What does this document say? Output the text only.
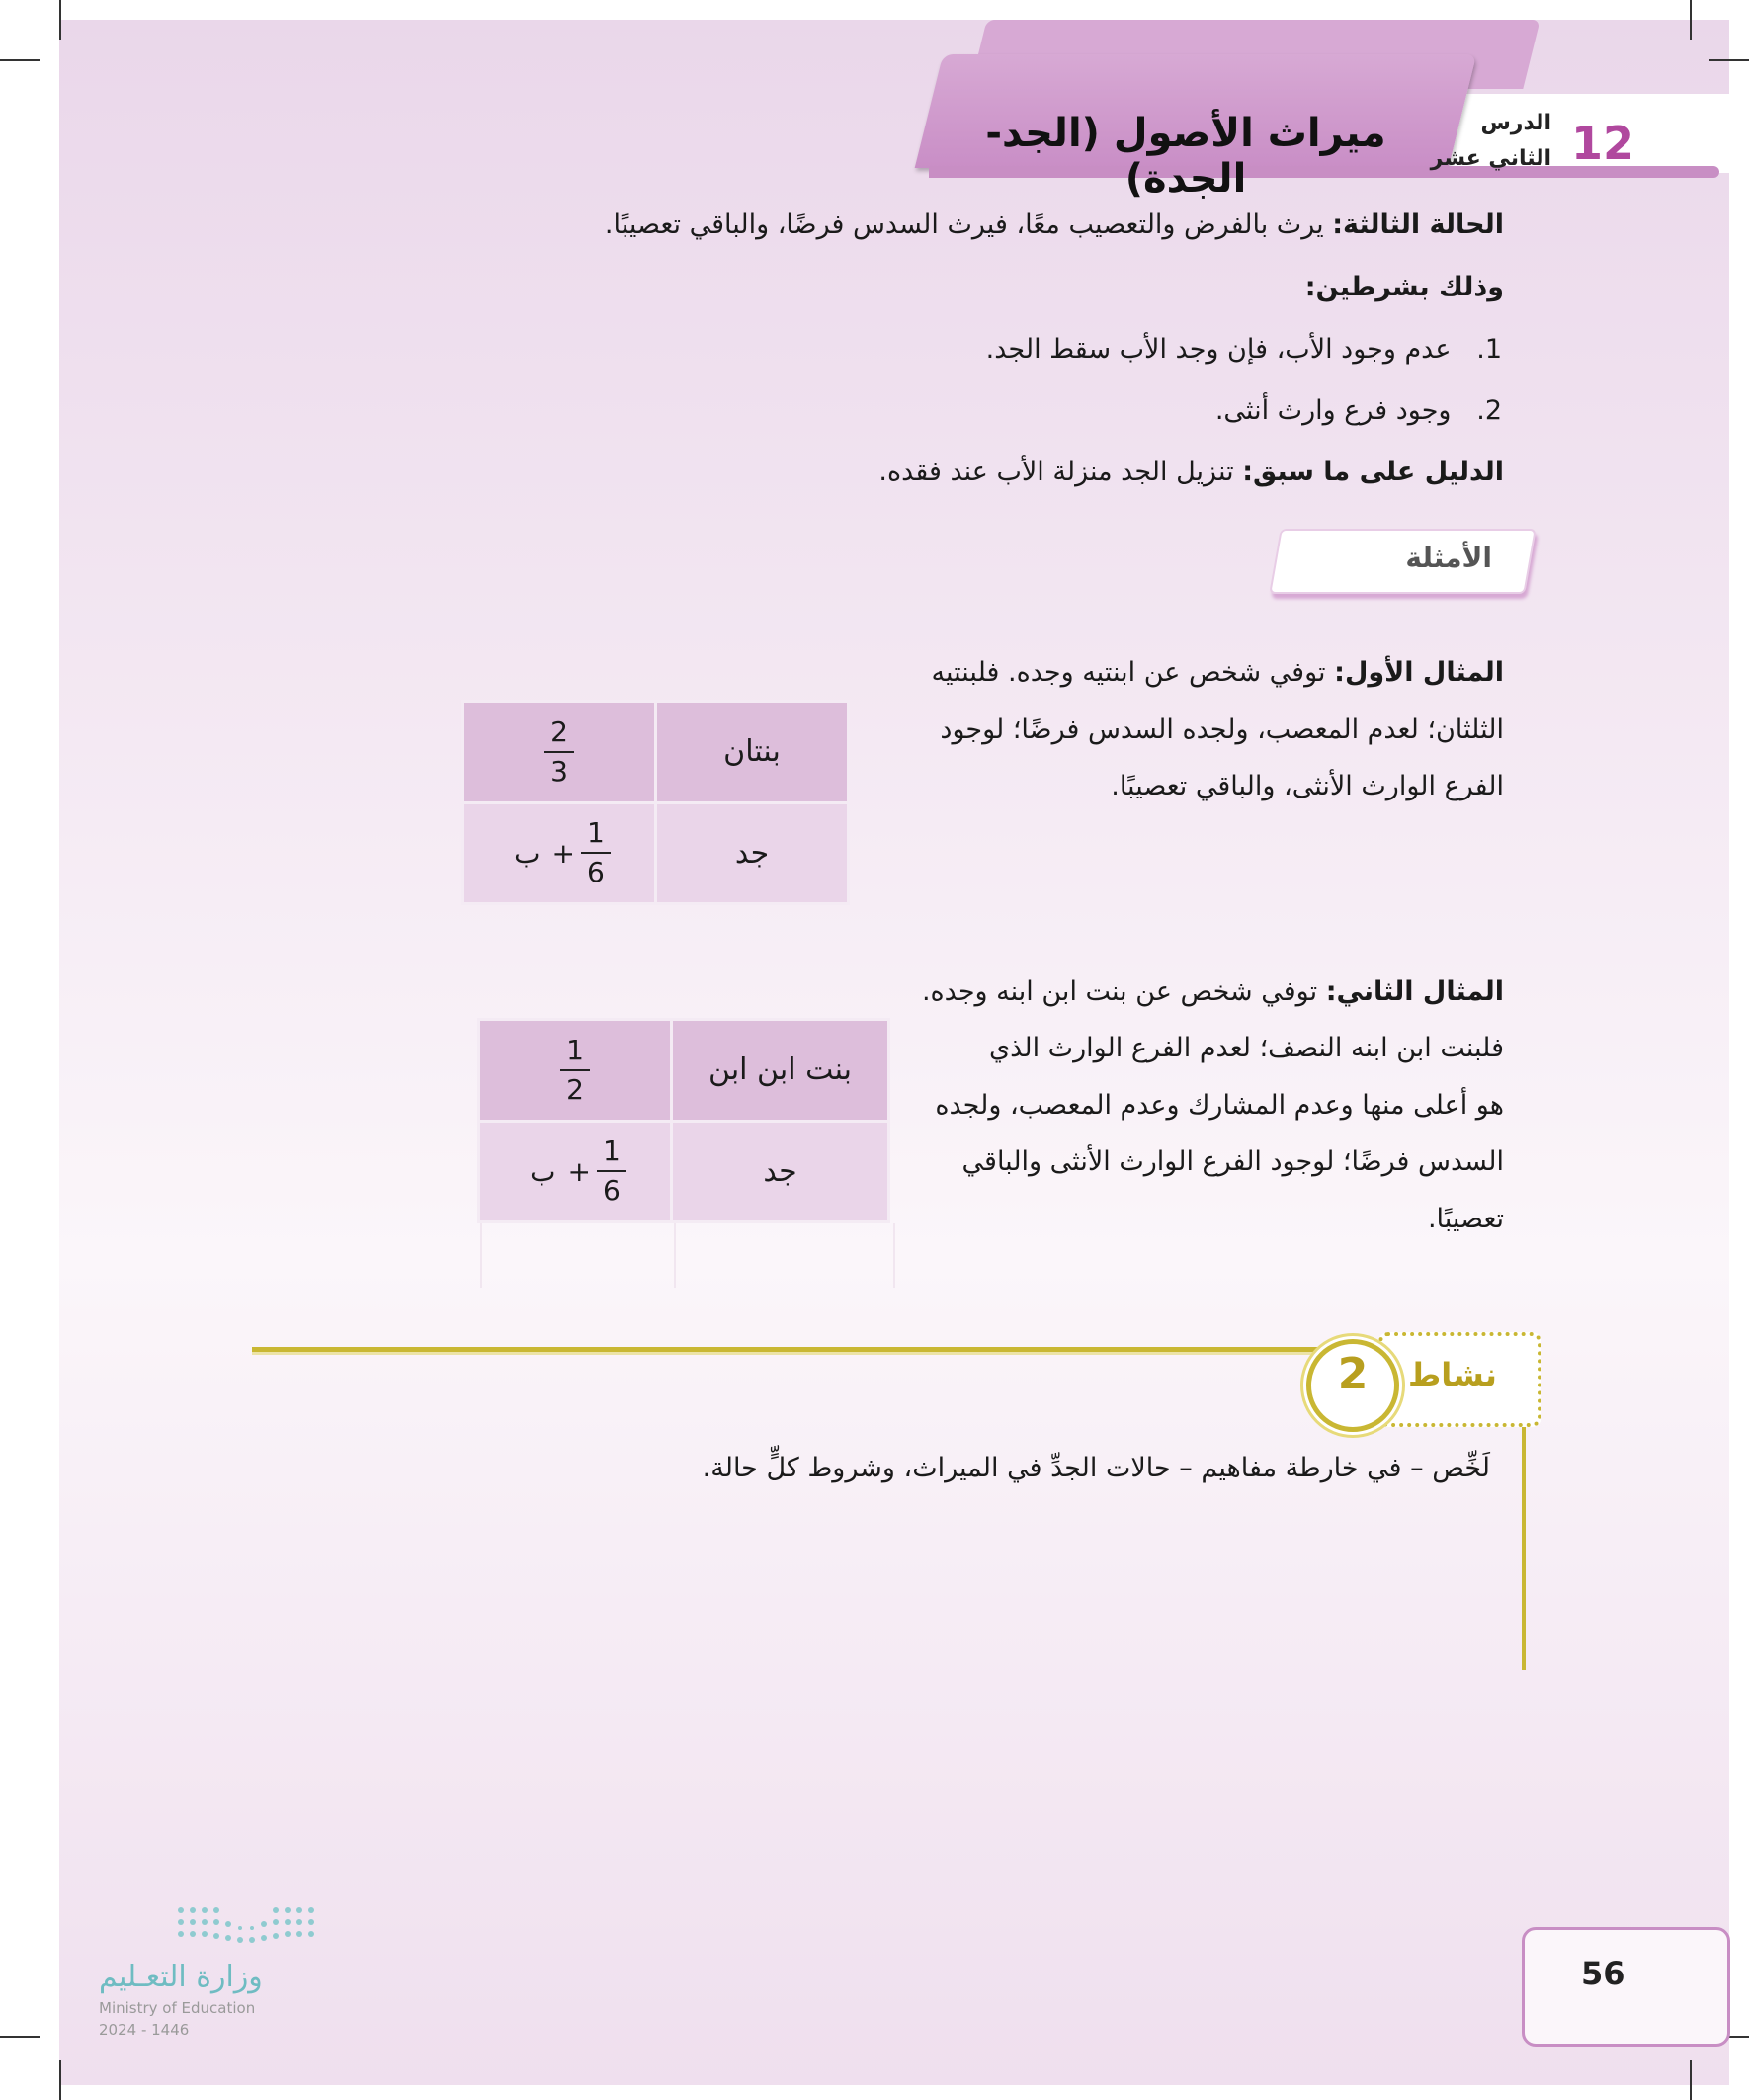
ميراث الأصول (الجد-الجدة)
12
الدرس
الثاني عشر
الحالة الثالثة: يرث بالفرض والتعصيب معًا، فيرث السدس فرضًا، والباقي تعصيبًا.
وذلك بشرطين:
1.   عدم وجود الأب، فإن وجد الأب سقط الجد.
2.   وجود فرع وارث أنثى.
الدليل على ما سبق: تنزيل الجد منزلة الأب عند فقده.
الأمثلة
المثال الأول: توفي شخص عن ابنتيه وجده. فلبنتيه
الثلثان؛ لعدم المعصب، ولجده السدس فرضًا؛ لوجود
الفرع الوارث الأنثى، والباقي تعصيبًا.
$\frac{2}{3}$	بنتان
ب + $\frac{1}{6}$	جد
المثال الثاني: توفي شخص عن بنت ابن ابنه وجده.
فلبنت ابن ابنه النصف؛ لعدم الفرع الوارث الذي
هو أعلى منها وعدم المشارك وعدم المعصب، ولجده
السدس فرضًا؛ لوجود الفرع الوارث الأنثى والباقي
تعصيبًا.
$\frac{1}{2}$	بنت ابن ابن
ب + $\frac{1}{6}$	جد
نشاط
2
لَخِّص – في خارطة مفاهيم – حالات الجدِّ في الميراث، وشروط كلٍّ حالة.
56
وزارة التعـليم
Ministry of Education
2024 - 1446
